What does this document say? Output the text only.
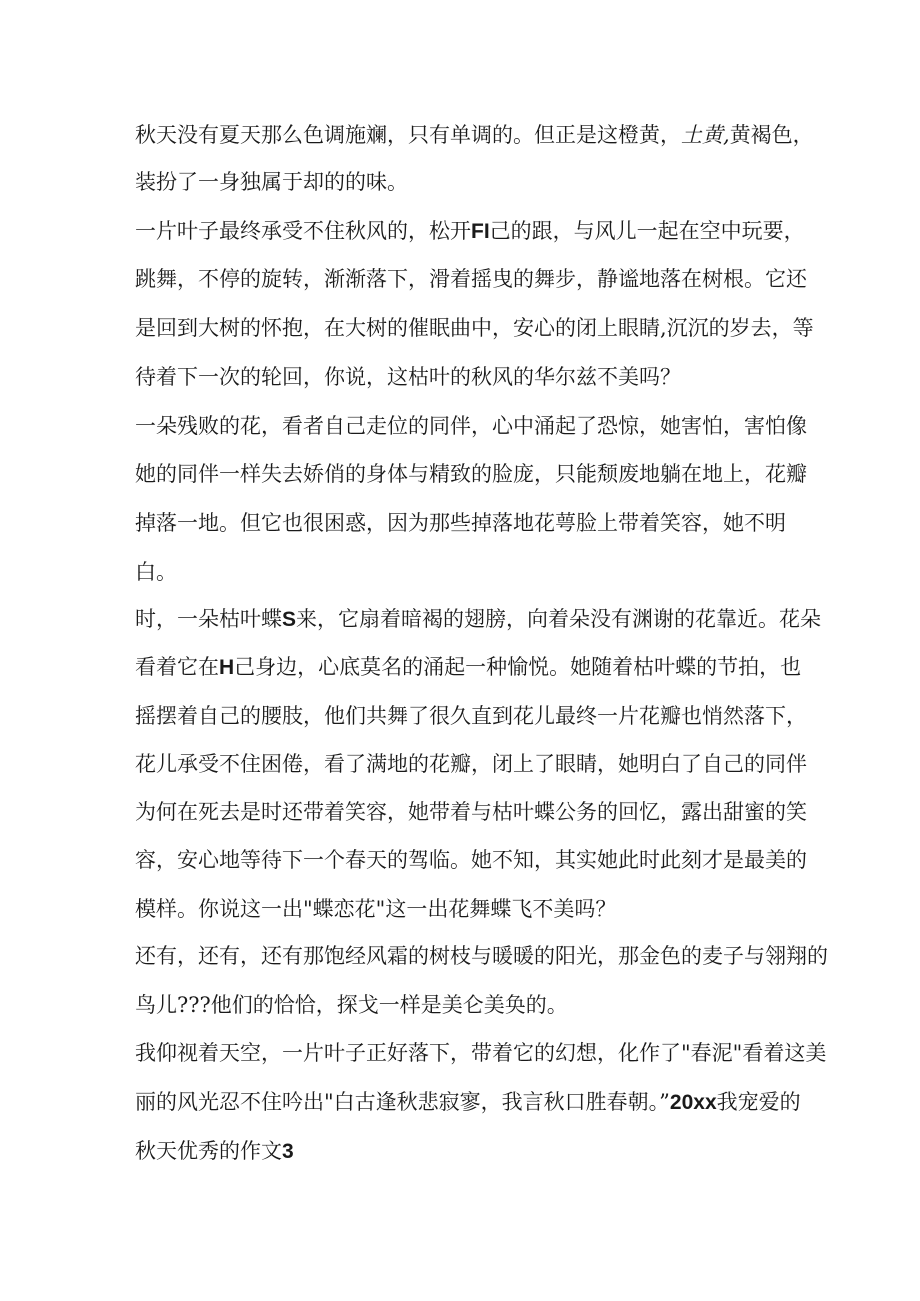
秋天没有夏天那么色调施斓，只有单调的。但正是这橙黄，土黄,黄褐色，
装扮了一身独属于却的的味。
一片叶子最终承受不住秋风的，松开FI己的跟，与风儿一起在空中玩要，
跳舞，不停的旋转，渐渐落下，滑着摇曳的舞步，静谧地落在树根。它还
是回到大树的怀抱，在大树的催眠曲中，安心的闭上眼睛,沉沉的岁去，等
待着下一次的轮回，你说，这枯叶的秋风的华尔兹不美吗？
一朵残败的花，看者自己走位的同伴，心中涌起了恐惊，她害怕，害怕像
她的同伴一样失去娇俏的身体与精致的脸庞，只能颓废地躺在地上，花瓣
掉落一地。但它也很困惑，因为那些掉落地花萼脸上带着笑容，她不明
白。
时，一朵枯叶蝶S来，它扇着暗褐的翅膀，向着朵没有渊谢的花靠近。花朵
看着它在H己身边，心底莫名的涌起一种愉悦。她随着枯叶蝶的节拍，也
摇摆着自己的腰肢，他们共舞了很久直到花儿最终一片花瓣也悄然落下，
花儿承受不住困倦，看了满地的花瓣，闭上了眼睛，她明白了自己的同伴
为何在死去是时还带着笑容，她带着与枯叶蝶公务的回忆，露出甜蜜的笑
容，安心地等待下一个春天的驾临。她不知，其实她此时此刻才是最美的
模样。你说这一出"蝶恋花"这一出花舞蝶飞不美吗？
还有，还有，还有那饱经风霜的树枝与暖暖的阳光，那金色的麦子与翎翔的
鸟儿???他们的恰恰，探戈一样是美仑美奂的。
我仰视着天空，一片叶子正好落下，带着它的幻想，化作了"春泥"看着这美
丽的风光忍不住吟出"白古逢秋悲寂寥，我言秋口胜春朝。”20xx我宠爱的
秋天优秀的作文3
